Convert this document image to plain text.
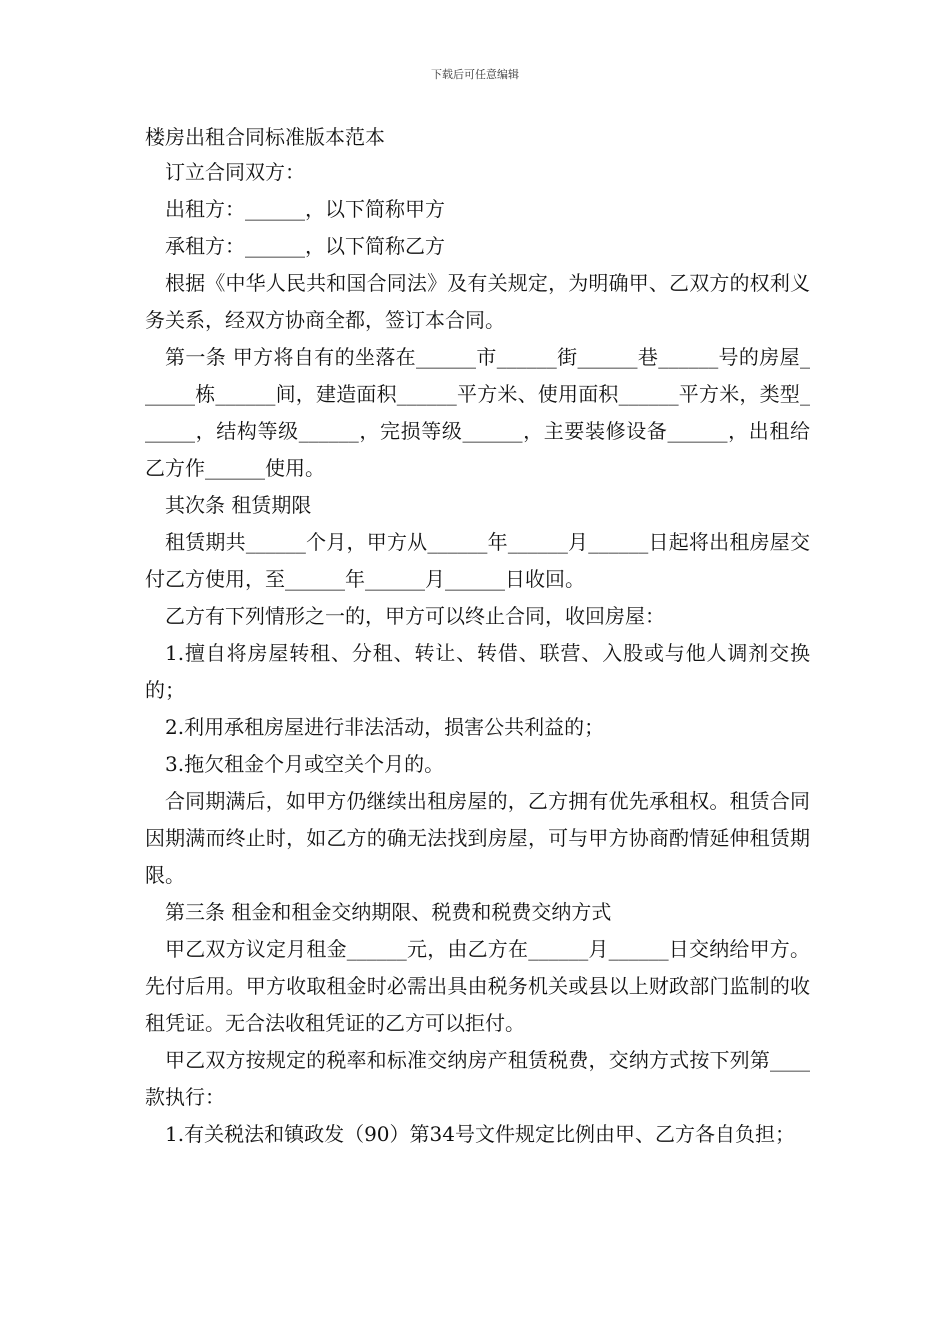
下载后可任意编辑

楼房出租合同标准版本范本

订立合同双方：

出租方：______，以下简称甲方

承租方：______，以下简称乙方

根据《中华人民共和国合同法》及有关规定，为明确甲、乙双方的权利义务关系，经双方协商全都，签订本合同。

第一条 甲方将自有的坐落在______市______街______巷______号的房屋______栋______间，建造面积______平方米、使用面积______平方米，类型______，结构等级______，完损等级______，主要装修设备______，出租给乙方作______使用。

其次条 租赁期限

租赁期共______个月，甲方从______年______月______日起将出租房屋交付乙方使用，至______年______月______日收回。

乙方有下列情形之一的，甲方可以终止合同，收回房屋：

1.擅自将房屋转租、分租、转让、转借、联营、入股或与他人调剂交换的；

2.利用承租房屋进行非法活动，损害公共利益的；

3.拖欠租金个月或空关个月的。

合同期满后，如甲方仍继续出租房屋的，乙方拥有优先承租权。租赁合同因期满而终止时，如乙方的确无法找到房屋，可与甲方协商酌情延伸租赁期限。

第三条 租金和租金交纳期限、税费和税费交纳方式

甲乙双方议定月租金______元，由乙方在______月______日交纳给甲方。先付后用。甲方收取租金时必需出具由税务机关或县以上财政部门监制的收租凭证。无合法收租凭证的乙方可以拒付。

甲乙双方按规定的税率和标准交纳房产租赁税费，交纳方式按下列第____款执行：

1.有关税法和镇政发（90）第34号文件规定比例由甲、乙方各自负担；
